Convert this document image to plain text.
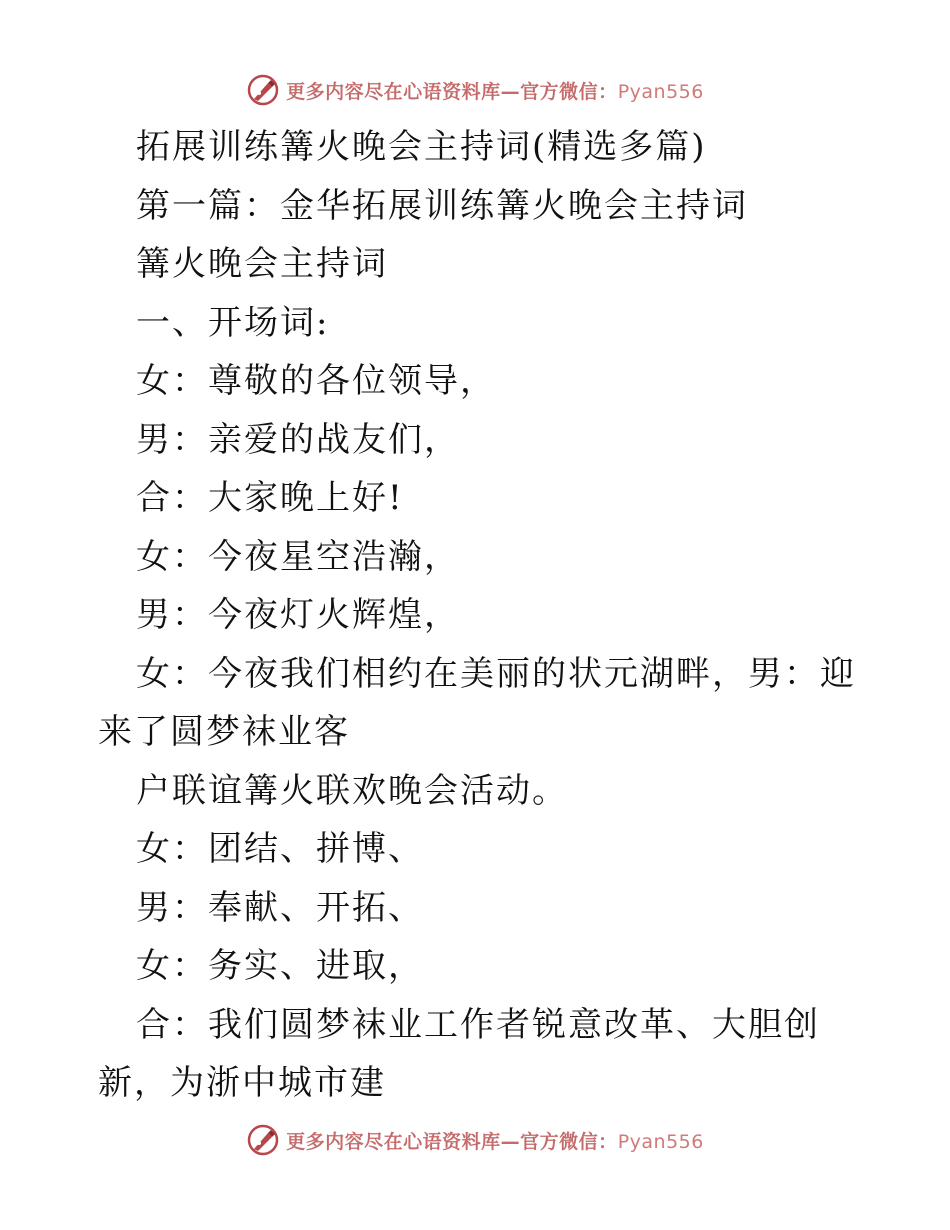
更多内容尽在心语资料库—官方微信：Pyan556

拓展训练篝火晚会主持词(精选多篇)

第一篇：金华拓展训练篝火晚会主持词

篝火晚会主持词

一、开场词:

女：尊敬的各位领导，

男：亲爱的战友们，

合：大家晚上好!

女：今夜星空浩瀚，

男：今夜灯火辉煌，

女：今夜我们相约在美丽的状元湖畔，男：迎来了圆梦袜业客

户联谊篝火联欢晚会活动。

女：团结、拼博、

男：奉献、开拓、

女：务实、进取，

合：我们圆梦袜业工作者锐意改革、大胆创新，为浙中城市建

更多内容尽在心语资料库—官方微信：Pyan556
